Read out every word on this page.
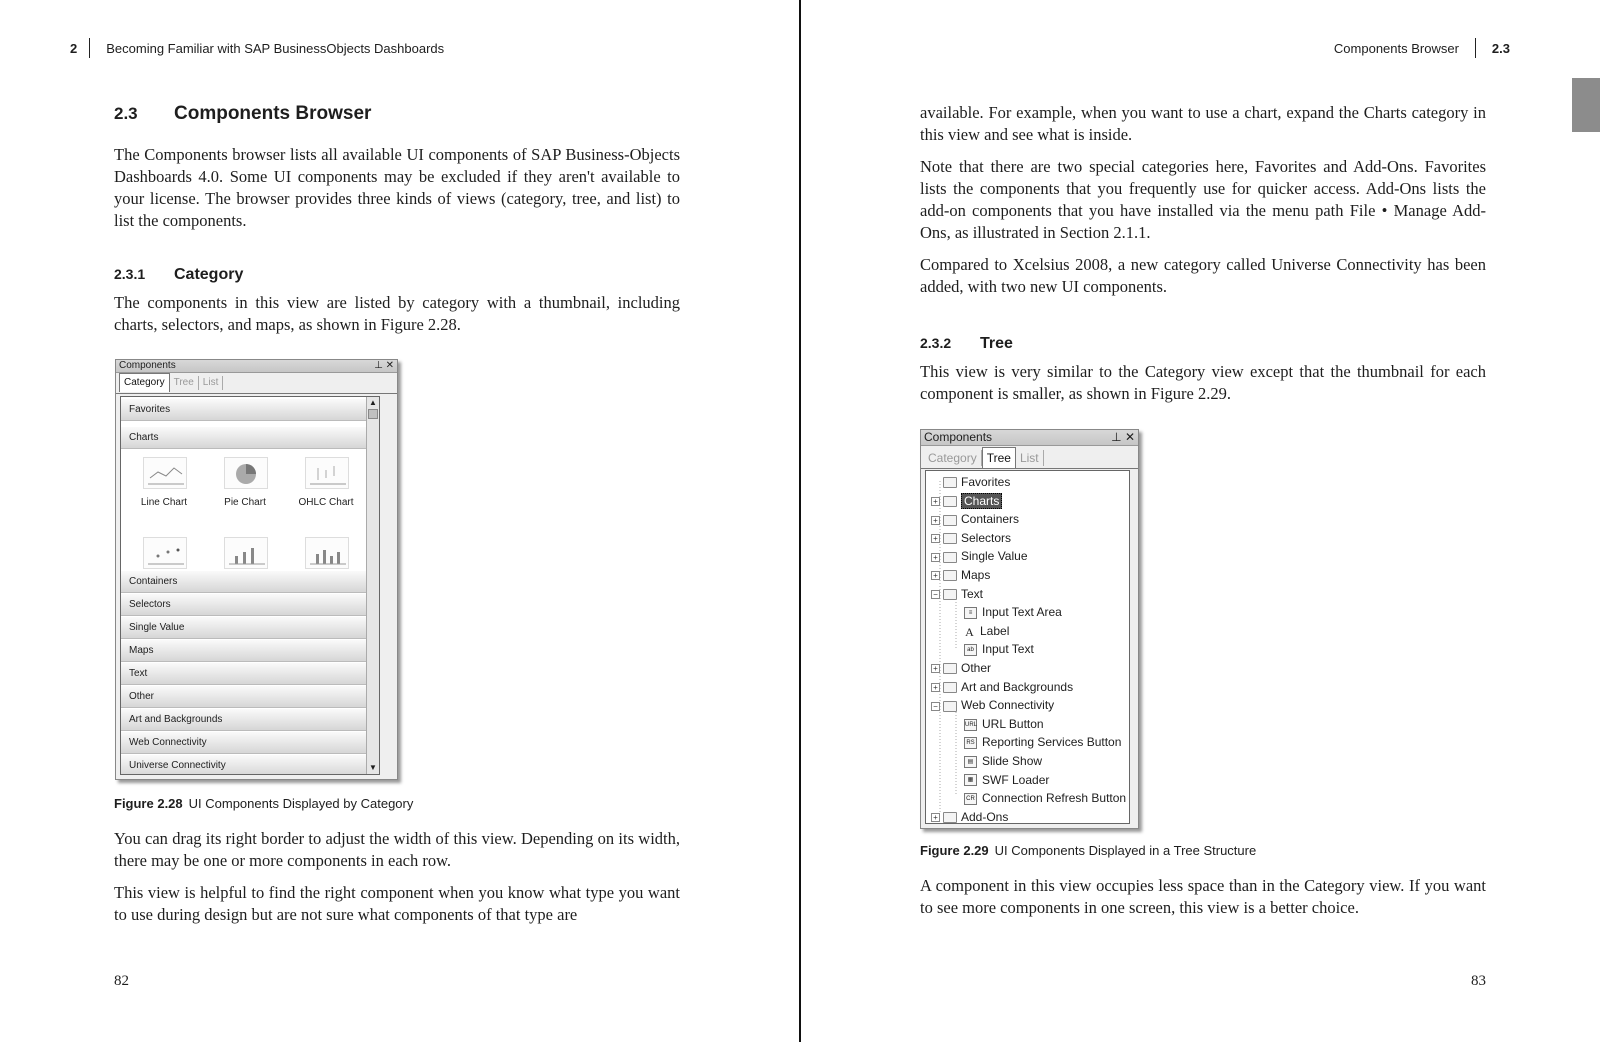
2 Becoming Familiar with SAP BusinessObjects Dashboards
2.3 Components Browser

The Components browser lists all available UI components of SAP Business-Objects Dashboards 4.0. Some UI components may be excluded if they aren't available to your license. The browser provides three kinds of views (category, tree, and list) to list the components.

2.3.1 Category

The components in this view are listed by category with a thumbnail, including charts, selectors, and maps, as shown in Figure 2.28.

Components	⊥ ✕
Category Tree List
Favorites
Charts
Line Chart	Pie Chart	OHLC Chart
Containers
Selectors
Single Value
Maps
Text
Other
Art and Backgrounds
Web Connectivity
Universe Connectivity
▲
▼
Figure 2.28 UI Components Displayed by Category

You can drag its right border to adjust the width of this view. Depending on its width, there may be one or more components in each row.

This view is helpful to find the right component when you know what type you want to use during design but are not sure what components of that type are

82
Components Browser	2.3

available. For example, when you want to use a chart, expand the Charts category in this view and see what is inside.

Note that there are two special categories here, Favorites and Add-Ons. Favorites lists the components that you frequently use for quicker access. Add-Ons lists the add-on components that you have installed via the menu path File • Manage Add-Ons, as illustrated in Section 2.1.1.

Compared to Xcelsius 2008, a new category called Universe Connectivity has been added, with two new UI components.

2.3.2 Tree

This view is very similar to the Category view except that the thumbnail for each component is smaller, as shown in Figure 2.29.

Components	⊥ ✕
Category Tree List
Favorites
+ Charts
+ Containers
+ Selectors
+ Single Value
+ Maps
− Text
≡ Input Text Area
A Label
ab Input Text
+ Other
+ Art and Backgrounds
− Web Connectivity
URL URL Button
RS Reporting Services Button
▤ Slide Show
▦ SWF Loader
CR Connection Refresh Button
+ Add-Ons
Figure 2.29 UI Components Displayed in a Tree Structure

A component in this view occupies less space than in the Category view. If you want to see more components in one screen, this view is a better choice.

83
